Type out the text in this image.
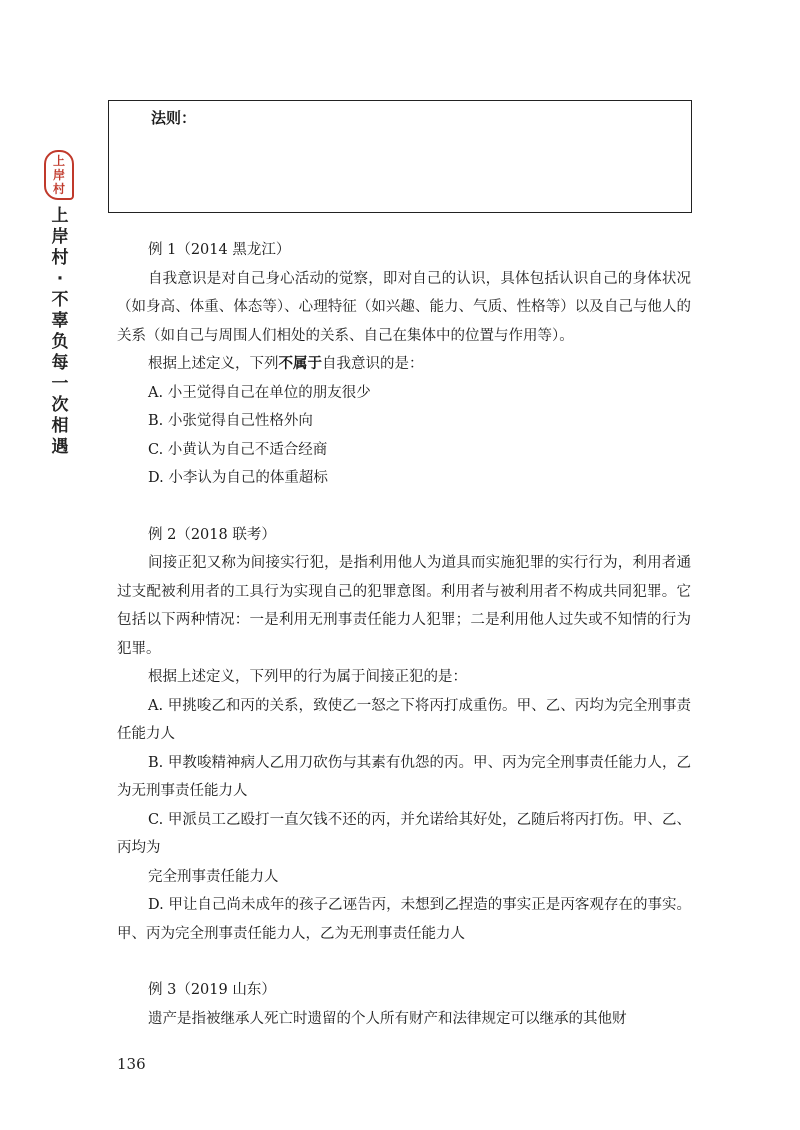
上
岸
村
上
岸
村
·
不
辜
负
每
一
次
相
遇
法则：

例 1（2014 黑龙江）

自我意识是对自己身心活动的觉察，即对自己的认识，具体包括认识自己的身体状况（如身高、体重、体态等）、心理特征（如兴趣、能力、气质、性格等）以及自己与他人的关系（如自己与周围人们相处的关系、自己在集体中的位置与作用等）。

根据上述定义，下列不属于自我意识的是：

A. 小王觉得自己在单位的朋友很少

B. 小张觉得自己性格外向

C. 小黄认为自己不适合经商

D. 小李认为自己的体重超标

例 2（2018 联考）

间接正犯又称为间接实行犯，是指利用他人为道具而实施犯罪的实行行为，利用者通过支配被利用者的工具行为实现自己的犯罪意图。利用者与被利用者不构成共同犯罪。它包括以下两种情况：一是利用无刑事责任能力人犯罪；二是利用他人过失或不知情的行为犯罪。

根据上述定义，下列甲的行为属于间接正犯的是：

A. 甲挑唆乙和丙的关系，致使乙一怒之下将丙打成重伤。甲、乙、丙均为完全刑事责任能力人

B. 甲教唆精神病人乙用刀砍伤与其素有仇怨的丙。甲、丙为完全刑事责任能力人，乙为无刑事责任能力人

C. 甲派员工乙殴打一直欠钱不还的丙，并允诺给其好处，乙随后将丙打伤。甲、乙、丙均为

完全刑事责任能力人

D. 甲让自己尚未成年的孩子乙诬告丙，未想到乙捏造的事实正是丙客观存在的事实。甲、丙为完全刑事责任能力人，乙为无刑事责任能力人

例 3（2019 山东）

遗产是指被继承人死亡时遗留的个人所有财产和法律规定可以继承的其他财

136
